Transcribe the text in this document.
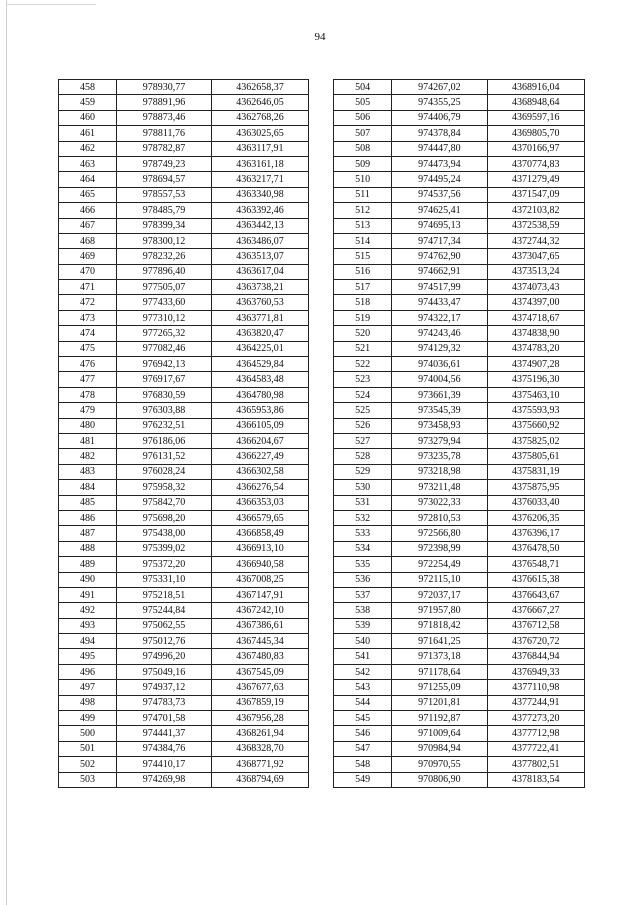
94
458	978930,77	4362658,37
459	978891,96	4362646,05
460	978873,46	4362768,26
461	978811,76	4363025,65
462	978782,87	4363117,91
463	978749,23	4363161,18
464	978694,57	4363217,71
465	978557,53	4363340,98
466	978485,79	4363392,46
467	978399,34	4363442,13
468	978300,12	4363486,07
469	978232,26	4363513,07
470	977896,40	4363617,04
471	977505,07	4363738,21
472	977433,60	4363760,53
473	977310,12	4363771,81
474	977265,32	4363820,47
475	977082,46	4364225,01
476	976942,13	4364529,84
477	976917,67	4364583,48
478	976830,59	4364780,98
479	976303,88	4365953,86
480	976232,51	4366105,09
481	976186,06	4366204,67
482	976131,52	4366227,49
483	976028,24	4366302,58
484	975958,32	4366276,54
485	975842,70	4366353,03
486	975698,20	4366579,65
487	975438,00	4366858,49
488	975399,02	4366913,10
489	975372,20	4366940,58
490	975331,10	4367008,25
491	975218,51	4367147,91
492	975244,84	4367242,10
493	975062,55	4367386,61
494	975012,76	4367445,34
495	974996,20	4367480,83
496	975049,16	4367545,09
497	974937,12	4367677,63
498	974783,73	4367859,19
499	974701,58	4367956,28
500	974441,37	4368261,94
501	974384,76	4368328,70
502	974410,17	4368771,92
503	974269,98	4368794,69
504	974267,02	4368916,04
505	974355,25	4368948,64
506	974406,79	4369597,16
507	974378,84	4369805,70
508	974447,80	4370166,97
509	974473,94	4370774,83
510	974495,24	4371279,49
511	974537,56	4371547,09
512	974625,41	4372103,82
513	974695,13	4372538,59
514	974717,34	4372744,32
515	974762,90	4373047,65
516	974662,91	4373513,24
517	974517,99	4374073,43
518	974433,47	4374397,00
519	974322,17	4374718,67
520	974243,46	4374838,90
521	974129,32	4374783,20
522	974036,61	4374907,28
523	974004,56	4375196,30
524	973661,39	4375463,10
525	973545,39	4375593,93
526	973458,93	4375660,92
527	973279,94	4375825,02
528	973235,78	4375805,61
529	973218,98	4375831,19
530	973211,48	4375875,95
531	973022,33	4376033,40
532	972810,53	4376206,35
533	972566,80	4376396,17
534	972398,99	4376478,50
535	972254,49	4376548,71
536	972115,10	4376615,38
537	972037,17	4376643,67
538	971957,80	4376667,27
539	971818,42	4376712,58
540	971641,25	4376720,72
541	971373,18	4376844,94
542	971178,64	4376949,33
543	971255,09	4377110,98
544	971201,81	4377244,91
545	971192,87	4377273,20
546	971009,64	4377712,98
547	970984,94	4377722,41
548	970970,55	4377802,51
549	970806,90	4378183,54
